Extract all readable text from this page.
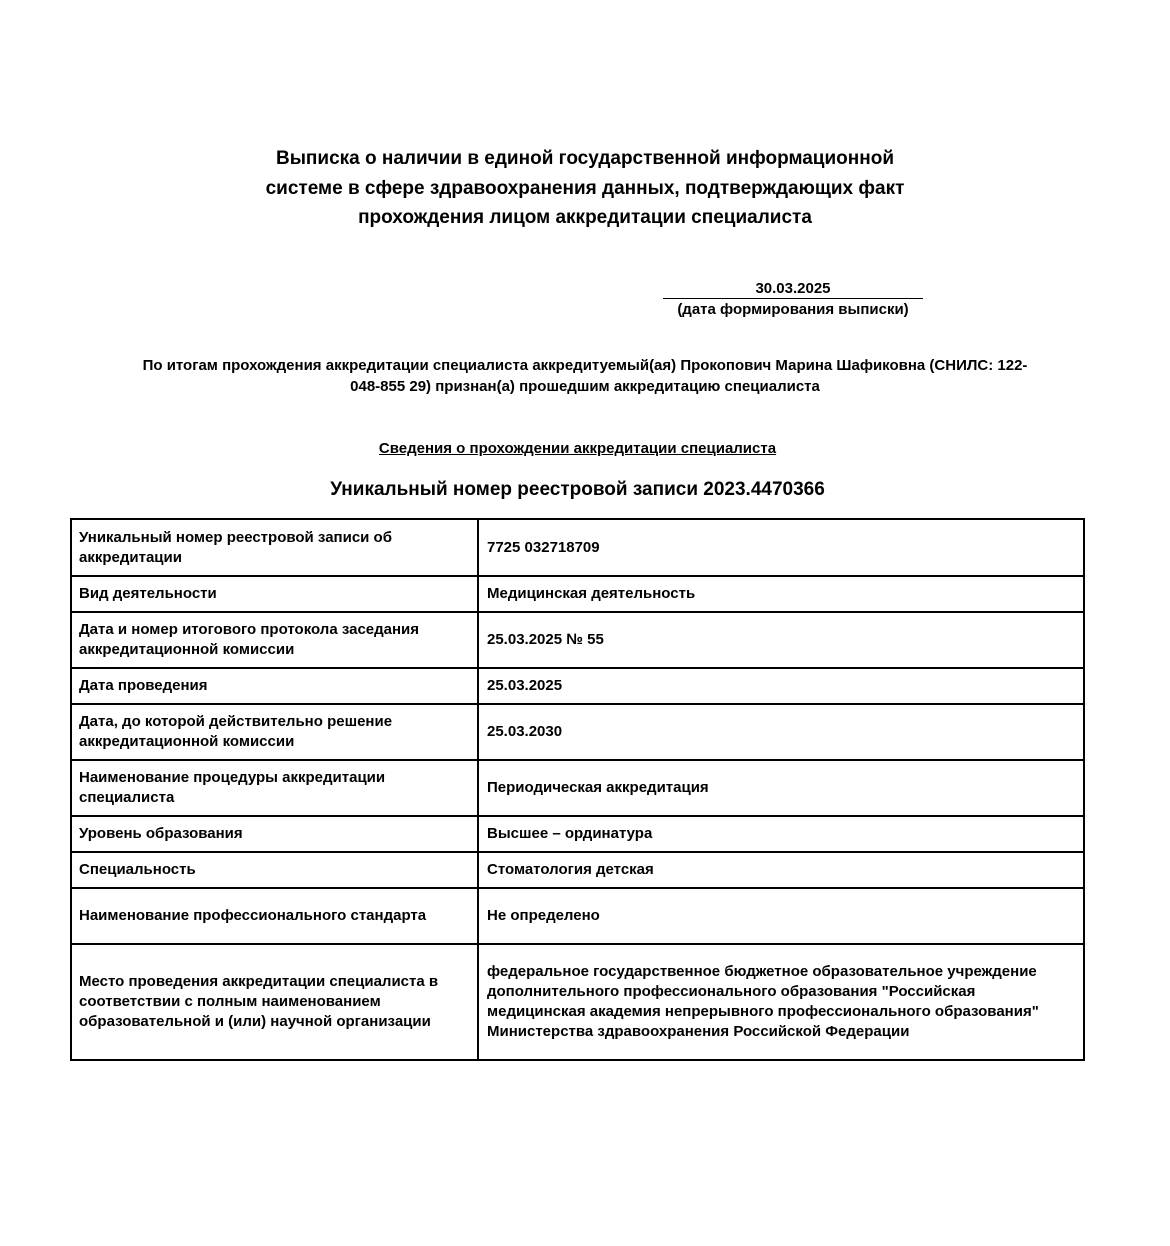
Выписка о наличии в единой государственной информационной
системе в сфере здравоохранения данных, подтверждающих факт
прохождения лицом аккредитации специалиста
30.03.2025
(дата формирования выписки)
По итогам прохождения аккредитации специалиста аккредитуемый(ая) Прокопович Марина Шафиковна (СНИЛС: 122-
048-855 29) признан(а) прошедшим аккредитацию специалиста
Сведения о прохождении аккредитации специалиста
Уникальный номер реестровой записи 2023.4470366
Уникальный номер реестровой записи об аккредитации	7725 032718709
Вид деятельности	Медицинская деятельность
Дата и номер итогового протокола заседания аккредитационной комиссии	25.03.2025 № 55
Дата проведения	25.03.2025
Дата, до которой действительно решение аккредитационной комиссии	25.03.2030
Наименование процедуры аккредитации специалиста	Периодическая аккредитация
Уровень образования	Высшее – ординатура
Специальность	Стоматология детская
Наименование профессионального стандарта	Не определено
Место проведения аккредитации специалиста в соответствии с полным наименованием образовательной и (или) научной организации	федеральное государственное бюджетное образовательное учреждение дополнительного профессионального образования "Российская медицинская академия непрерывного профессионального образования" Министерства здравоохранения Российской Федерации
